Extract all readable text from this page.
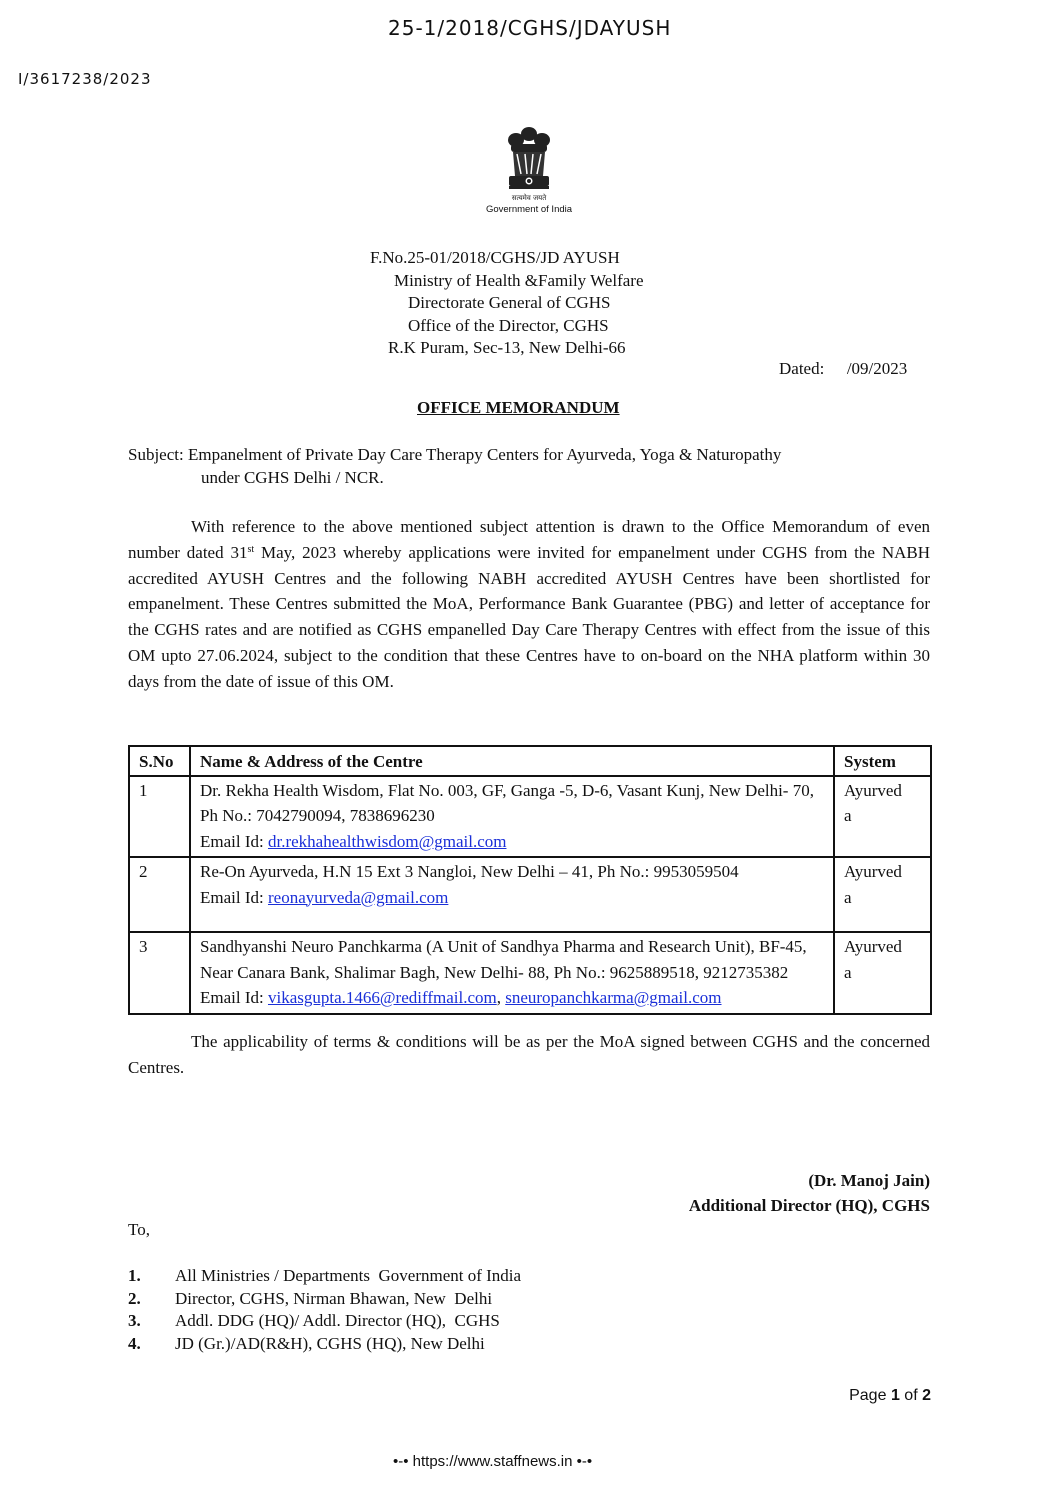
25-1/2018/CGHS/JDAYUSH
I/3617238/2023
सत्यमेव जयते
Government of India
F.No.25-01/2018/CGHS/JD AYUSH
Ministry of Health &Family Welfare
Directorate General of CGHS
Office of the Director, CGHS
R.K Puram, Sec-13, New Delhi-66
Dated: /09/2023
OFFICE MEMORANDUM
Subject: Empanelment of Private Day Care Therapy Centers for Ayurveda, Yoga & Naturopathy
under CGHS Delhi / NCR.
With reference to the above mentioned subject attention is drawn to the Office Memorandum of even number dated 31st May, 2023 whereby applications were invited for empanelment under CGHS from the NABH accredited AYUSH Centres and the following NABH accredited AYUSH Centres have been shortlisted for empanelment. These Centres submitted the MoA, Performance Bank Guarantee (PBG) and letter of acceptance for the CGHS rates and are notified as CGHS empanelled Day Care Therapy Centres with effect from the issue of this OM upto 27.06.2024, subject to the condition that these Centres have to on-board on the NHA platform within 30 days from the date of issue of this OM.
S.No	Name & Address of the Centre	System
1	Dr. Rekha Health Wisdom, Flat No. 003, GF, Ganga -5, D-6, Vasant Kunj, New Delhi- 70, Ph No.: 7042790094, 7838696230
Email Id: dr.rekhahealthwisdom@gmail.com	Ayurveda
2	Re-On Ayurveda, H.N 15 Ext 3 Nangloi, New Delhi – 41, Ph No.: 9953059504
Email Id: reonayurveda@gmail.com	Ayurveda
3	Sandhyanshi Neuro Panchkarma (A Unit of Sandhya Pharma and Research Unit), BF-45, Near Canara Bank, Shalimar Bagh, New Delhi- 88, Ph No.: 9625889518, 9212735382
Email Id: vikasgupta.1466@rediffmail.com, sneuropanchkarma@gmail.com	Ayurveda
The applicability of terms & conditions will be as per the MoA signed between CGHS and the concerned Centres.
(Dr. Manoj Jain)
Additional Director (HQ), CGHS
To,
1.	All Ministries / Departments  Government of India
2.	Director, CGHS, Nirman Bhawan, New  Delhi
3.	Addl. DDG (HQ)/ Addl. Director (HQ),  CGHS
4.	JD (Gr.)/AD(R&H), CGHS (HQ), New Delhi
Page 1 of 2
•-• https://www.staffnews.in •-•
